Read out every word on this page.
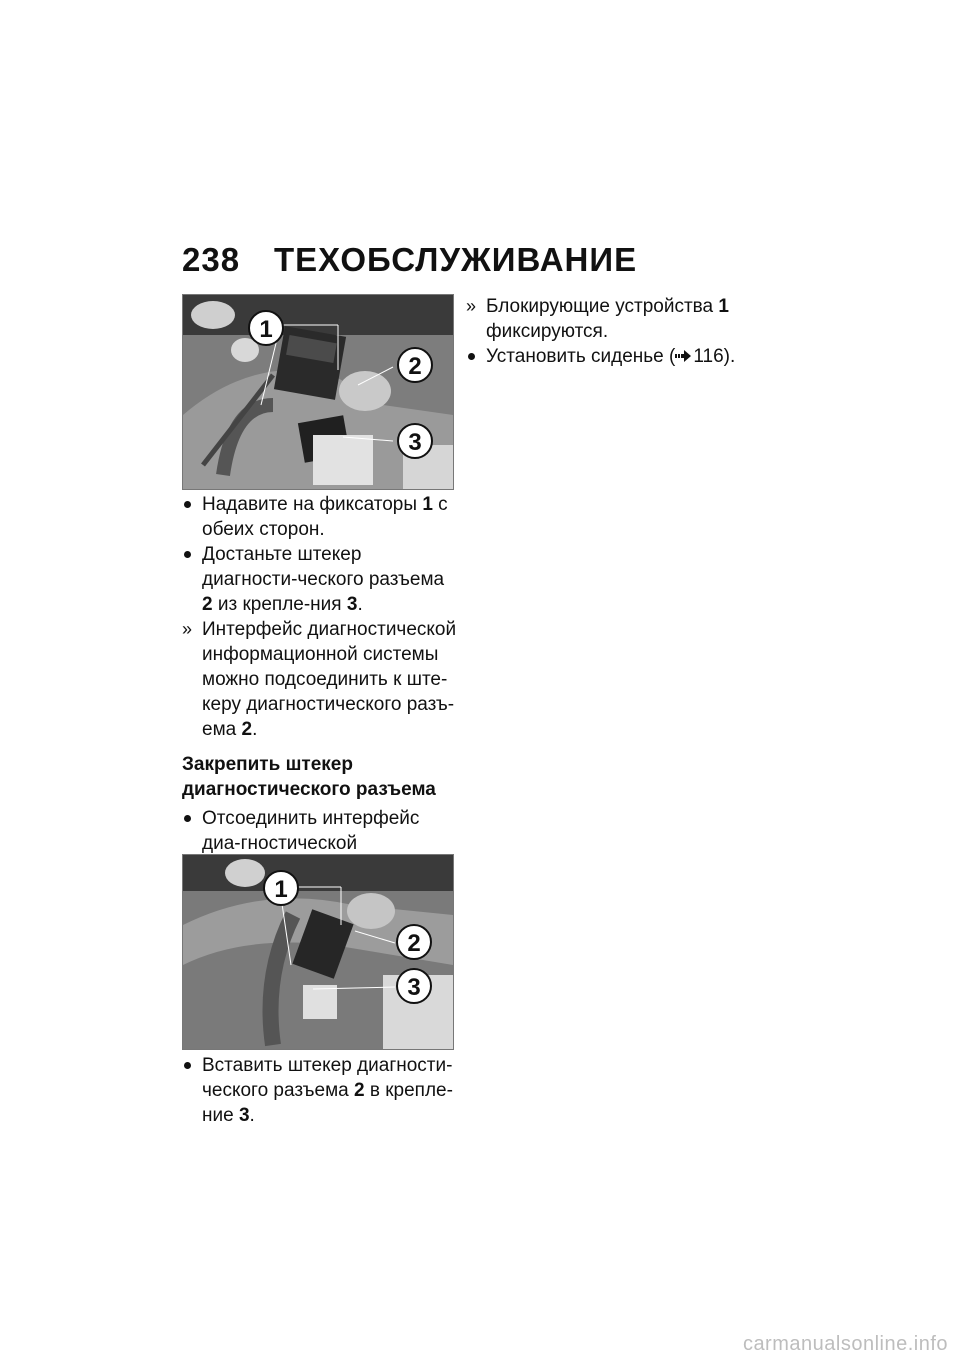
238	ТЕХОБСЛУЖИВАНИЕ
1
2
3

Надавите на фиксаторы 1 с обеих сторон.

Достаньте штекер диагности-ческого разъема 2 из крепле-ния 3.

» Интерфейс диагностической информационной системы можно подсоединить к ште-керу диагностического разъ-ема 2.

Закрепить штекер диагностического разъема

Отсоединить интерфейс диа-гностической

1
2
3

Вставить штекер диагности-ческого разъема 2 в крепле-ние 3.

» Блокирующие устройства 1 фиксируются.

Установить сиденье ( 116).

carmanualsonline.info
